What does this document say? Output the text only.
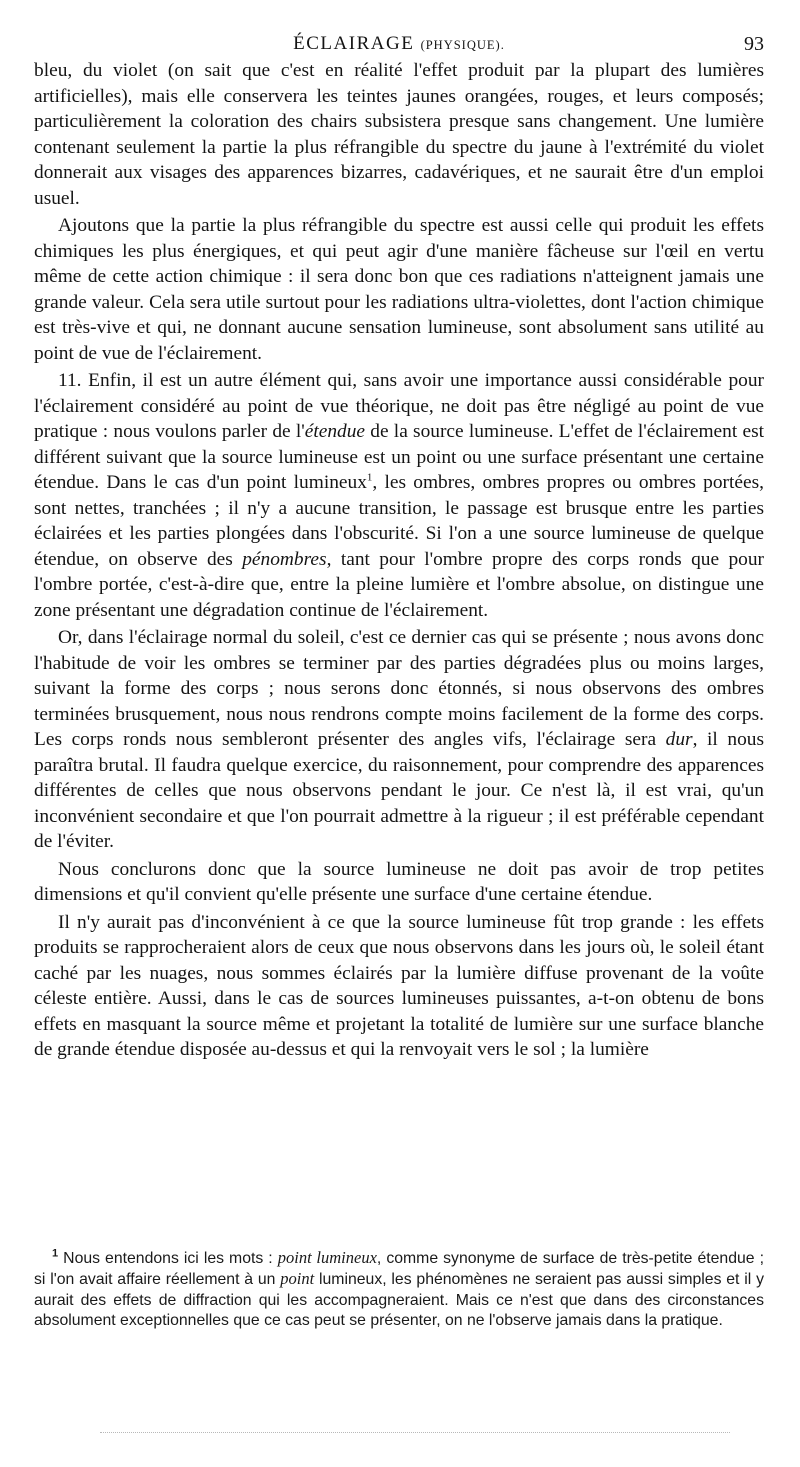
ÉCLAIRAGE (PHYSIQUE).	93

bleu, du violet (on sait que c'est en réalité l'effet produit par la plupart des lumières artificielles), mais elle conservera les teintes jaunes orangées, rouges, et leurs composés; particulièrement la coloration des chairs subsistera presque sans changement. Une lumière contenant seulement la partie la plus réfrangible du spectre du jaune à l'extrémité du violet donnerait aux visages des apparences bizarres, cadavériques, et ne saurait être d'un emploi usuel.

Ajoutons que la partie la plus réfrangible du spectre est aussi celle qui produit les effets chimiques les plus énergiques, et qui peut agir d'une manière fâcheuse sur l'œil en vertu même de cette action chimique : il sera donc bon que ces radiations n'atteignent jamais une grande valeur. Cela sera utile surtout pour les radiations ultra-violettes, dont l'action chimique est très-vive et qui, ne donnant aucune sensation lumineuse, sont absolument sans utilité au point de vue de l'éclairement.

11. Enfin, il est un autre élément qui, sans avoir une importance aussi considérable pour l'éclairement considéré au point de vue théorique, ne doit pas être négligé au point de vue pratique : nous voulons parler de l'étendue de la source lumineuse. L'effet de l'éclairement est différent suivant que la source lumineuse est un point ou une surface présentant une certaine étendue. Dans le cas d'un point lumineux$^1$, les ombres, ombres propres ou ombres portées, sont nettes, tranchées ; il n'y a aucune transition, le passage est brusque entre les parties éclairées et les parties plongées dans l'obscurité. Si l'on a une source lumineuse de quelque étendue, on observe des pénombres, tant pour l'ombre propre des corps ronds que pour l'ombre portée, c'est-à-dire que, entre la pleine lumière et l'ombre absolue, on distingue une zone présentant une dégradation continue de l'éclairement.

Or, dans l'éclairage normal du soleil, c'est ce dernier cas qui se présente ; nous avons donc l'habitude de voir les ombres se terminer par des parties dégradées plus ou moins larges, suivant la forme des corps ; nous serons donc étonnés, si nous observons des ombres terminées brusquement, nous nous rendrons compte moins facilement de la forme des corps. Les corps ronds nous sembleront présenter des angles vifs, l'éclairage sera dur, il nous paraîtra brutal. Il faudra quelque exercice, du raisonnement, pour comprendre des apparences différentes de celles que nous observons pendant le jour. Ce n'est là, il est vrai, qu'un inconvénient secondaire et que l'on pourrait admettre à la rigueur ; il est préférable cependant de l'éviter.

Nous conclurons donc que la source lumineuse ne doit pas avoir de trop petites dimensions et qu'il convient qu'elle présente une surface d'une certaine étendue.

Il n'y aurait pas d'inconvénient à ce que la source lumineuse fût trop grande : les effets produits se rapprocheraient alors de ceux que nous observons dans les jours où, le soleil étant caché par les nuages, nous sommes éclairés par la lumière diffuse provenant de la voûte céleste entière. Aussi, dans le cas de sources lumineuses puissantes, a-t-on obtenu de bons effets en masquant la source même et projetant la totalité de lumière sur une surface blanche de grande étendue disposée au-dessus et qui la renvoyait vers le sol ; la lumière

$^1$ Nous entendons ici les mots : point lumineux, comme synonyme de surface de très-petite étendue ; si l'on avait affaire réellement à un point lumineux, les phénomènes ne seraient pas aussi simples et il y aurait des effets de diffraction qui les accompagneraient. Mais ce n'est que dans des circonstances absolument exceptionnelles que ce cas peut se présenter, on ne l'observe jamais dans la pratique.
